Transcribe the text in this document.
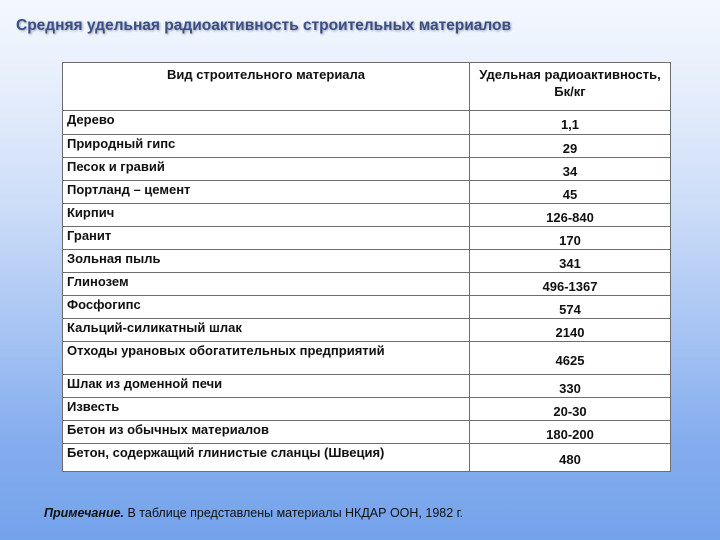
Средняя удельная радиоактивность строительных материалов
Вид строительного материала	Удельная радиоактивность, Бк/кг
Дерево	1,1
Природный гипс	29
Песок и гравий	34
Портланд – цемент	45
Кирпич	126-840
Гранит	170
Зольная пыль	341
Глинозем	496-1367
Фосфогипс	574
Кальций-силикатный шлак	2140
Отходы урановых обогатительных предприятий	4625
Шлак из доменной печи	330
Известь	20-30
Бетон из обычных материалов	180-200
Бетон, содержащий глинистые сланцы (Швеция)	480
Примечание. В таблице представлены материалы НКДАР ООН, 1982 г.
